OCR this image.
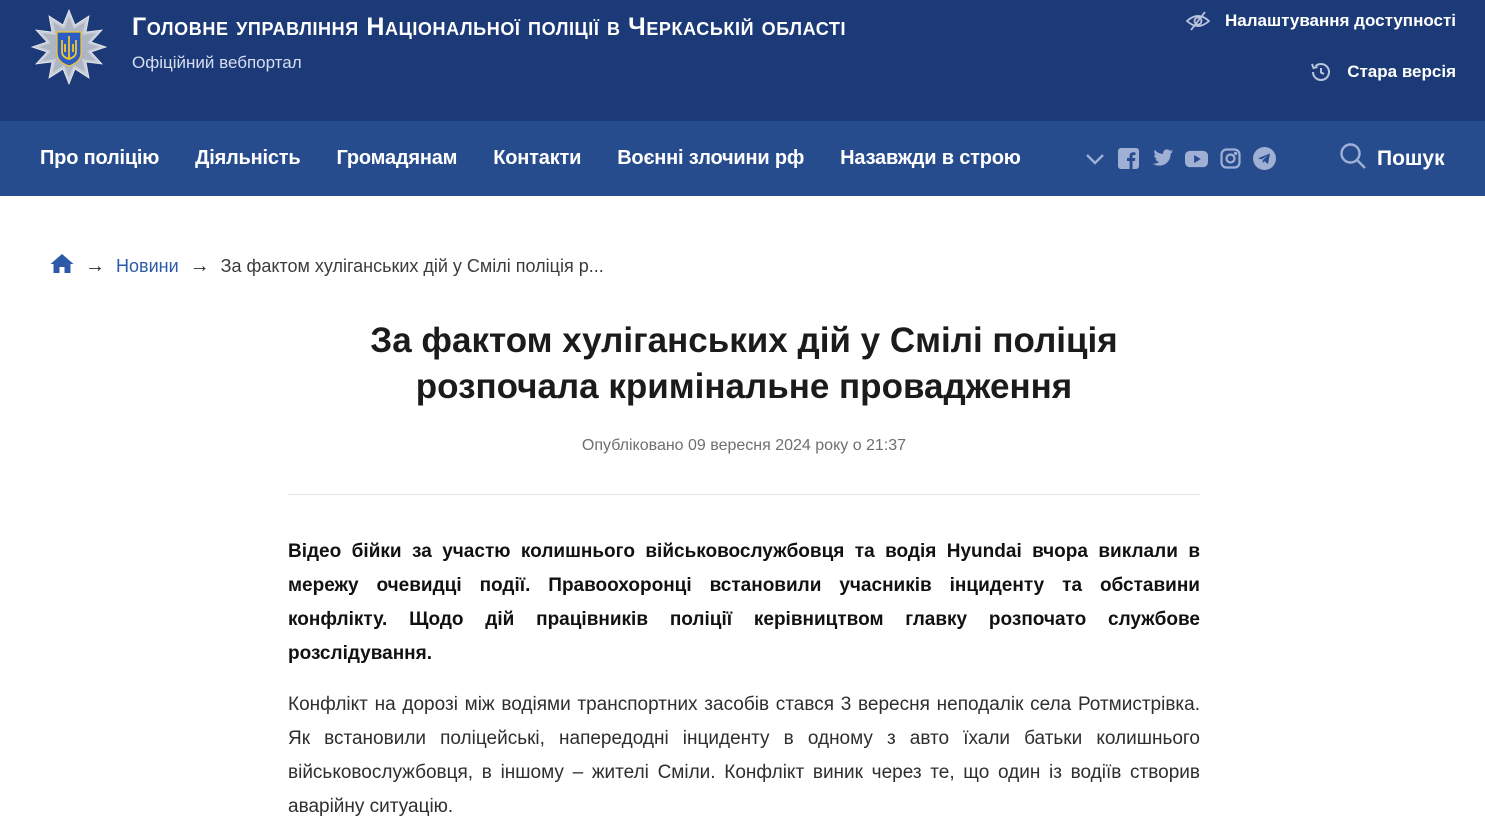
Головне управління Національної поліції в Черкаській області
Офіційний вебпортал
Налаштування доступності
Стара версія
Про поліцію Діяльність Громадянам Контакти Воєнні злочини рф Назавжди в строю	Пошук
→ Новини → За фактом хуліганських дій у Смілі поліція р...
За фактом хуліганських дій у Смілі поліція розпочала кримінальне провадження
Опубліковано 09 вересня 2024 року о 21:37

Відео бійки за участю колишнього військовослужбовця та водія Hyundai вчора виклали в мережу очевидці події. Правоохоронці встановили учасників інциденту та обставини конфлікту. Щодо дій працівників поліції керівництвом главку розпочато службове розслідування.

Конфлікт на дорозі між водіями транспортних засобів стався 3 вересня неподалік села Ротмистрівка. Як встановили поліцейські, напередодні інциденту в одному з авто їхали батьки колишнього військовослужбовця, в іншому – жителі Сміли. Конфлікт виник через те, що один із водіїв створив аварійну ситуацію.
